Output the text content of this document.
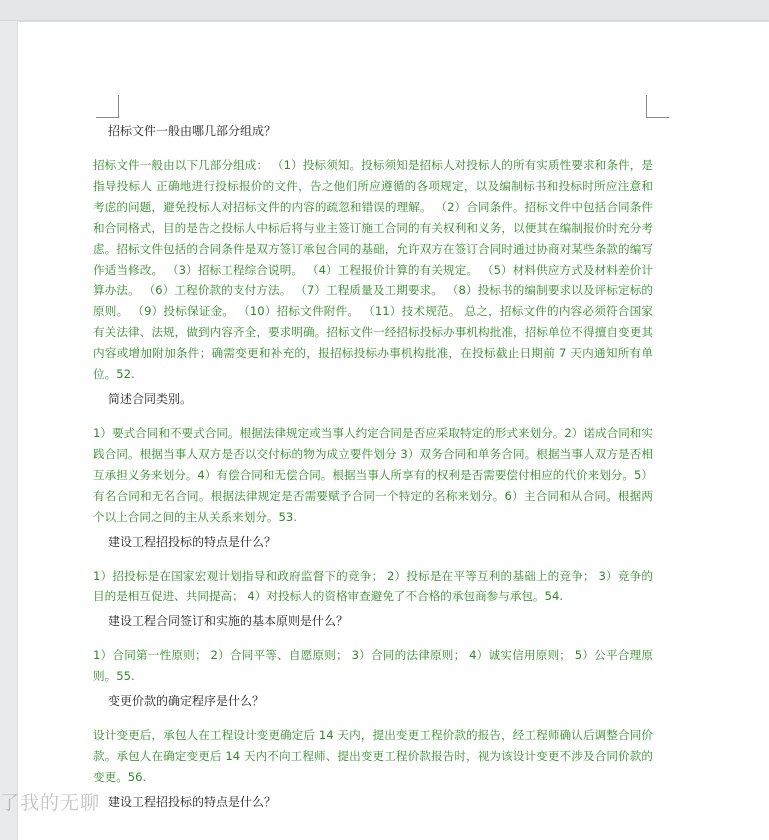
招标文件一般由哪几部分组成？

招标文件一般由以下几部分组成： （1）投标须知。投标须知是招标人对投标人的所有实质性要求和条件，是指导投标人 正确地进行投标报价的文件，告之他们所应遵循的各项规定，以及编制标书和投标时所应注意和考虑的问题，避免投标人对招标文件的内容的疏忽和错误的理解。 （2）合同条件。招标文件中包括合同条件和合同格式，目的是告之投标人中标后将与业主签订施工合同的有关权利和义务，以便其在编制报价时充分考虑。招标文件包括的合同条件是双方签订承包合同的基础，允许双方在签订合同时通过协商对某些条款的编写作适当修改。 （3）招标工程综合说明。 （4）工程报价计算的有关规定。 （5）材料供应方式及材料差价计算办法。 （6）工程价款的支付方法。 （7）工程质量及工期要求。 （8）投标书的编制要求以及评标定标的原则。 （9）投标保证金。 （10）招标文件附件。 （11）技术规范。 总之，招标文件的内容必须符合国家有关法律、法规，做到内容齐全，要求明确。招标文件一经招标投标办事机构批准，招标单位不得擅自变更其内容或增加附加条件；确需变更和补充的，报招标投标办事机构批准，在投标截止日期前 7 天内通知所有单位。52.

简述合同类别。

1）要式合同和不要式合同。根据法律规定或当事人约定合同是否应采取特定的形式来划分。2）诺成合同和实践合同。根据当事人双方是否以交付标的物为成立要件划分 3）双务合同和单务合同。根据当事人双方是否相互承担义务来划分。4）有偿合同和无偿合同。根据当事人所享有的权利是否需要偿付相应的代价来划分。5）有名合同和无名合同。根据法律规定是否需要赋予合同一个特定的名称来划分。6）主合同和从合同。根据两个以上合同之间的主从关系来划分。53.

建设工程招投标的特点是什么？

1）招投标是在国家宏观计划指导和政府监督下的竞争； 2）投标是在平等互利的基础上的竞争； 3）竞争的目的是相互促进、共同提高； 4）对投标人的资格审查避免了不合格的承包商参与承包。54.

建设工程合同签订和实施的基本原则是什么？

1）合同第一性原则； 2）合同平等、自愿原则； 3）合同的法律原则； 4）诚实信用原则； 5）公平合理原则。55.

变更价款的确定程序是什么？

设计变更后，承包人在工程设计变更确定后 14 天内，提出变更工程价款的报告，经工程师确认后调整合同价款。承包人在确定变更后 14 天内不向工程师、提出变更工程价款报告时，视为该设计变更不涉及合同价款的变更。56.

建设工程招投标的特点是什么？

了我的无聊
